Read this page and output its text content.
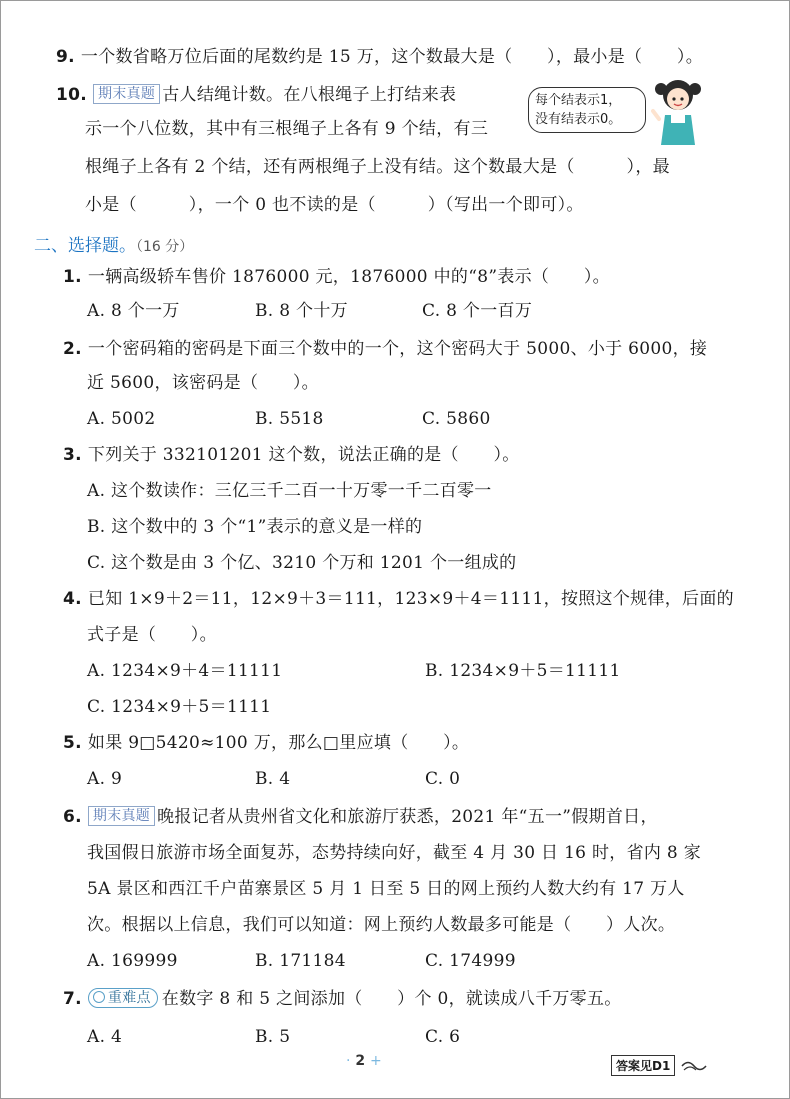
9. 一个数省略万位后面的尾数约是 15 万，这个数最大是（　　），最小是（　　）。
10. 期末真题 古人结绳计数。在八根绳子上打结来表
示一个八位数，其中有三根绳子上各有 9 个结，有三
根绳子上各有 2 个结，还有两根绳子上没有结。这个数最大是（　　　），最
小是（　　　），一个 0 也不读的是（　　　）（写出一个即可）。
每个结表示1，
没有结表示0。
二、选择题。（16 分）
1. 一辆高级轿车售价 1876000 元，1876000 中的“8”表示（　　）。
A. 8 个一万	B. 8 个十万	C. 8 个一百万
2. 一个密码箱的密码是下面三个数中的一个，这个密码大于 5000、小于 6000，接
近 5600，该密码是（　　）。
A. 5002	B. 5518	C. 5860
3. 下列关于 332101201 这个数，说法正确的是（　　）。
A. 这个数读作：三亿三千二百一十万零一千二百零一
B. 这个数中的 3 个“1”表示的意义是一样的
C. 这个数是由 3 个亿、3210 个万和 1201 个一组成的
4. 已知 1×9＋2＝11，12×9＋3＝111，123×9＋4＝1111，按照这个规律，后面的
式子是（　　）。
A. 1234×9＋4＝11111	B. 1234×9＋5＝11111
C. 1234×9＋5＝1111
5. 如果 9□5420≈100 万，那么□里应填（　　）。
A. 9	B. 4	C. 0
6. 期末真题 晚报记者从贵州省文化和旅游厅获悉，2021 年“五一”假期首日，
我国假日旅游市场全面复苏，态势持续向好，截至 4 月 30 日 16 时，省内 8 家
5A 景区和西江千户苗寨景区 5 月 1 日至 5 日的网上预约人数大约有 17 万人
次。根据以上信息，我们可以知道：网上预约人数最多可能是（　　）人次。
A. 169999	B. 171184	C. 174999
7. 重难点 在数字 8 和 5 之间添加（　　）个 0，就读成八千万零五。
A. 4	B. 5	C. 6
· 2 +	答案见D1
